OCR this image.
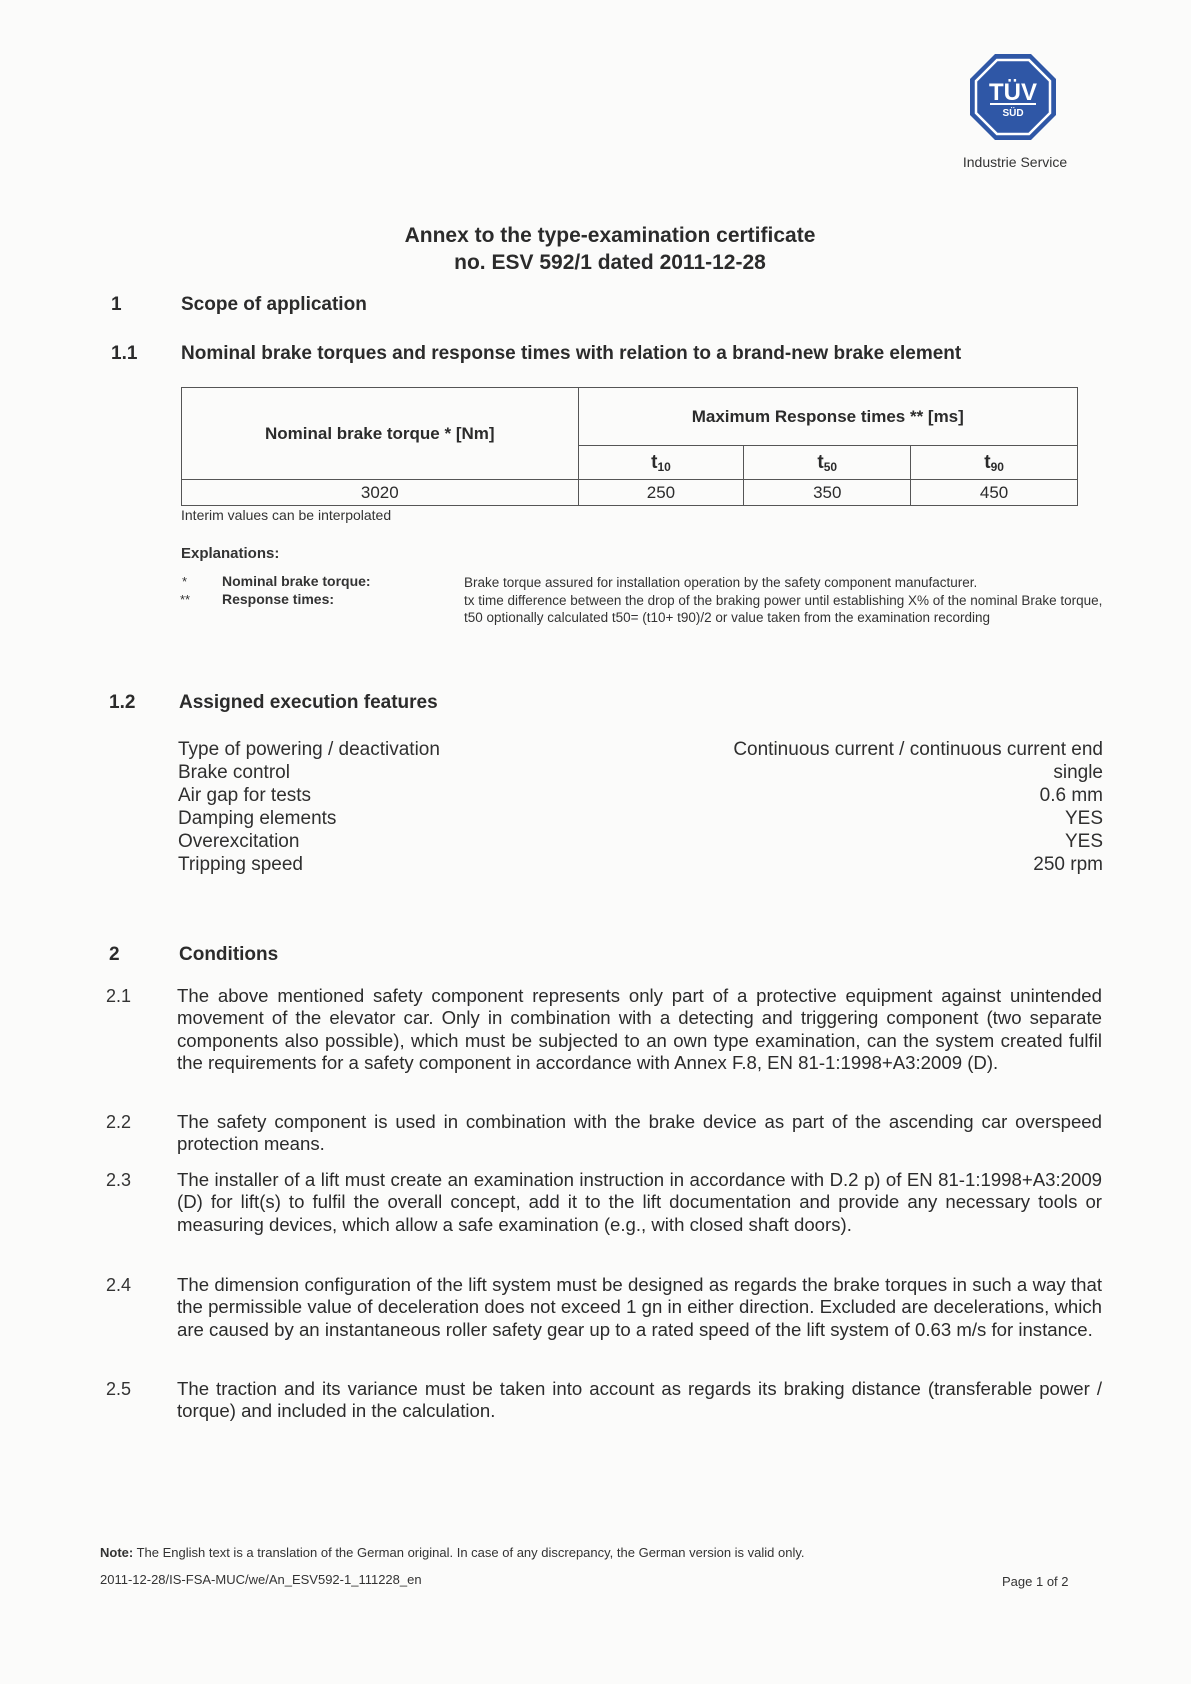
TÜV
SÜD
Industrie Service
Annex to the type-examination certificate
no. ESV 592/1 dated 2011-12-28
1	Scope of application
1.1 Nominal brake torques and response times with relation to a brand-new brake element
Nominal brake torque * [Nm]	Maximum Response times ** [ms]		
	$t_{10}$	$t_{50}$	$t_{90}$
3020	250	350	450
Interim values can be interpolated
Explanations:
* Nominal brake torque:	Brake torque assured for installation operation by the safety component manufacturer.
** Response times:	tx time difference between the drop of the braking power until establishing X% of the nominal Brake torque, t50 optionally calculated t50= (t10+ t90)/2 or value taken from the examination recording
1.2 Assigned execution features
Type of powering / deactivation	Continuous current / continuous current end
Brake control	single
Air gap for tests	0.6 mm
Damping elements	YES
Overexcitation	YES
Tripping speed	250 rpm
2	Conditions
2.1 The above mentioned safety component represents only part of a protective equipment against unintended movement of the elevator car. Only in combination with a detecting and triggering component (two separate components also possible), which must be subjected to an own type examination, can the system created fulfil the requirements for a safety component in accordance with Annex F.8, EN 81-1:1998+A3:2009 (D).
2.2 The safety component is used in combination with the brake device as part of the ascending car overspeed protection means.
2.3 The installer of a lift must create an examination instruction in accordance with D.2 p) of EN 81-1:1998+A3:2009 (D) for lift(s) to fulfil the overall concept, add it to the lift documentation and provide any necessary tools or measuring devices, which allow a safe examination (e.g., with closed shaft doors).
2.4 The dimension configuration of the lift system must be designed as regards the brake torques in such a way that the permissible value of deceleration does not exceed 1 gn in either direction. Excluded are decelerations, which are caused by an instantaneous roller safety gear up to a rated speed of the lift system of 0.63 m/s for instance.
2.5 The traction and its variance must be taken into account as regards its braking distance (transferable power / torque) and included in the calculation.
Note: The English text is a translation of the German original. In case of any discrepancy, the German version is valid only.
2011-12-28/IS-FSA-MUC/we/An_ESV592-1_111228_en	Page 1 of 2
